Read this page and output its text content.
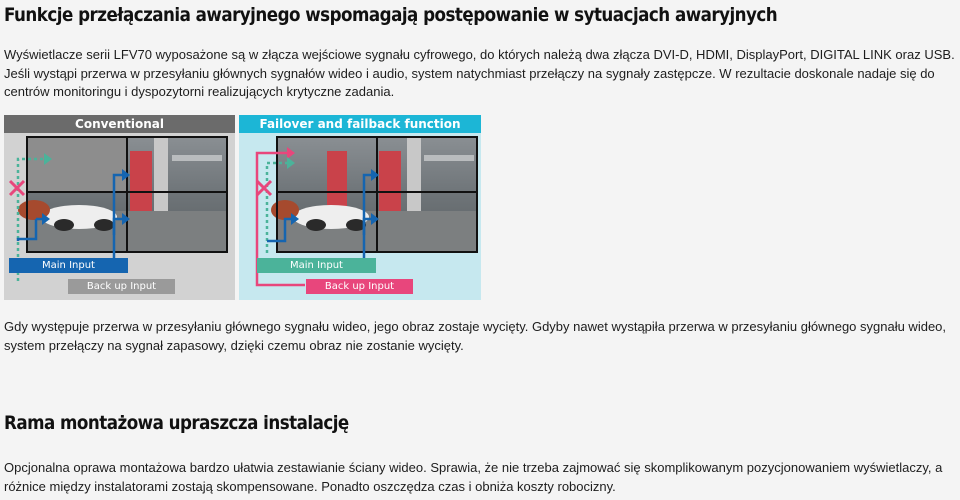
Funkcje przełączania awaryjnego wspomagają postępowanie w sytuacjach awaryjnych

Wyświetlacze serii LFV70 wyposażone są w złącza wejściowe sygnału cyfrowego, do których należą dwa złącza DVI-D, HDMI, DisplayPort, DIGITAL LINK oraz USB. Jeśli wystąpi przerwa w przesyłaniu głównych sygnałów wideo i audio, system natychmiast przełączy na sygnały zastępcze. W rezultacie doskonale nadaje się do centrów monitoringu i dyspozytorni realizujących krytyczne zadania.

Conventional
Main Input
Back up Input
Failover and failback function
Main Input
Back up Input

Gdy występuje przerwa w przesyłaniu głównego sygnału wideo, jego obraz zostaje wycięty. Gdyby nawet wystąpiła przerwa w przesyłaniu głównego sygnału wideo, system przełączy na sygnał zapasowy, dzięki czemu obraz nie zostanie wycięty.

Rama montażowa upraszcza instalację

Opcjonalna oprawa montażowa bardzo ułatwia zestawianie ściany wideo. Sprawia, że nie trzeba zajmować się skomplikowanym pozycjonowaniem wyświetlaczy, a różnice między instalatorami zostają skompensowane. Ponadto oszczędza czas i obniża koszty robocizny.
